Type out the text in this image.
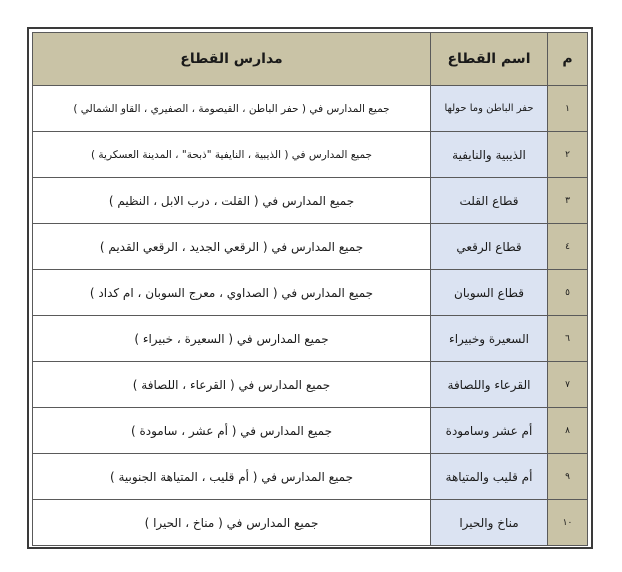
م	اسم القطاع	مدارس القطاع
١	حفر الباطن وما حولها	جميع المدارس في ( حفر الباطن ، القيصومة ، الصفيري ، القاو الشمالي )
٢	الذيبية والنايفية	جميع المدارس في ( الذيبية ، النايفية "ذبحة" ، المدينة العسكرية )
٣	قطاع القلت	جميع المدارس في ( القلت ، درب الابل ، النظيم )
٤	قطاع الرقعي	جميع المدارس في ( الرقعي الجديد ، الرقعي القديم )
٥	قطاع السوبان	جميع المدارس في ( الصداوي ، معرج السوبان ، ام كداد )
٦	السعيرة وخبيراء	جميع المدارس في ( السعيرة ، خبيراء )
٧	القرعاء واللصافة	جميع المدارس في ( القرعاء ، اللصافة )
٨	أم عشر وسامودة	جميع المدارس في ( أم عشر ، سامودة )
٩	أم قليب والمتياهة	جميع المدارس في ( أم قليب ، المتياهة الجنوبية )
١٠	مناخ والحيرا	جميع المدارس في ( مناخ ، الحيرا )
